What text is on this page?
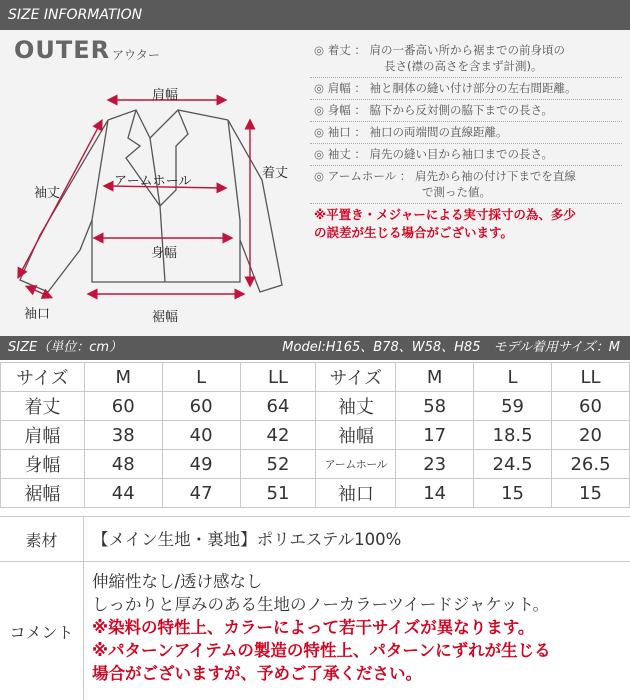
SIZE INFORMATION
OUTER アウター
肩幅
袖丈
アームホール
着丈
身幅
袖口	裾幅
◎ 着丈 ： 肩の一番高い所から裾までの前身頃の
長さ(襟の高さを含まず計測)。
◎ 肩幅 ： 袖と胴体の縫い付け部分の左右間距離。
◎ 身幅 ： 脇下から反対側の脇下までの長さ。
◎ 袖口 ： 袖口の両端間の直線距離。
◎ 袖丈 ： 肩先の縫い目から袖口までの長さ。
◎ アームホール ： 肩先から袖の付け下までを直線
で測った値。
※平置き・メジャーによる実寸採寸の為、多少
の誤差が生じる場合がございます。
SIZE（単位：cm）	Model:H165、B78、W58、H85　モデル着用サイズ：M
サイズ	M	L	LL	サイズ	M	L	LL
着丈	60	60	64	袖丈	58	59	60
肩幅	38	40	42	袖幅	17	18.5	20
身幅	48	49	52	アームホール	23	24.5	26.5
裾幅	44	47	51	袖口	14	15	15
素材	【メイン生地・裏地】ポリエステル100%
コメント
伸縮性なし/透け感なし
しっかりと厚みのある生地のノーカラーツイードジャケット。
※染料の特性上、カラーによって若干サイズが異なります。
※パターンアイテムの製造の特性上、パターンにずれが生じる
場合がございますが、予めご了承ください。
